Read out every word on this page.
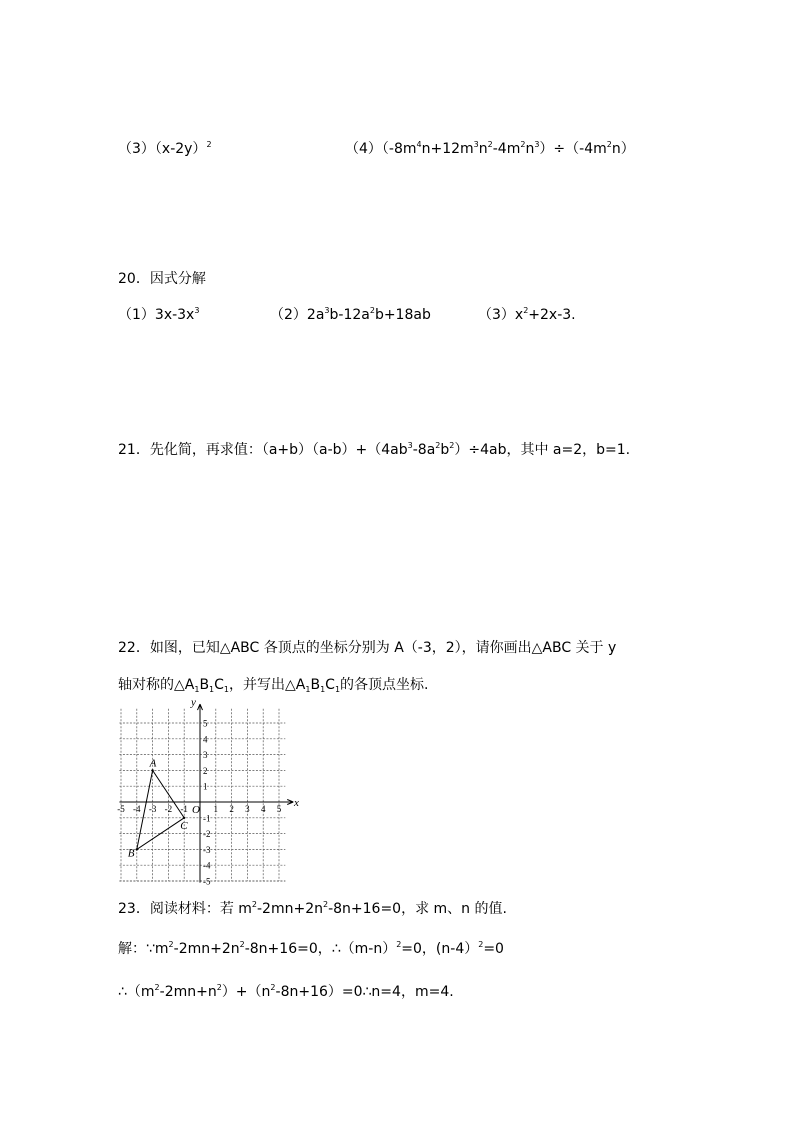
$(3)(x-2y)^2$	$(4)(-8m^4n+12m^3n^2-4m^2n^3)\div(-4m^2n)$
20．因式分解
$(1)3x-3x^3$	$(2)2a^3b-12a^2b+18ab$	$(3)x^2+2x-3$.
21．先化简，再求值：$(a+b)(a-b)+(4ab^3-8a^2b^2)\div 4ab$，其中 a=2，b=1.
22．如图，已知△ABC 各顶点的坐标分别为 A（-3，2），请你画出△ABC 关于 y
轴对称的$\triangle A_1B_1C_1$，并写出$\triangle A_1B_1C_1$的各顶点坐标.
x
y
O
-5 -4 -3 -2 -1	1 2 3 4 5
5
4
3
2
1
-1
-2
-3
-4
-5
A
B
C
23．阅读材料：若 $m^2-2mn+2n^2-8n+16=0$，求 m、n 的值.
解：$\because m^2-2mn+2n^2-8n+16=0$，$\therefore(m-n)^2=0$，(n-4）$^2$=0
$\therefore(m^2-2mn+n^2)+(n^2-8n+16)=0\therefore n=4$，m=4.
